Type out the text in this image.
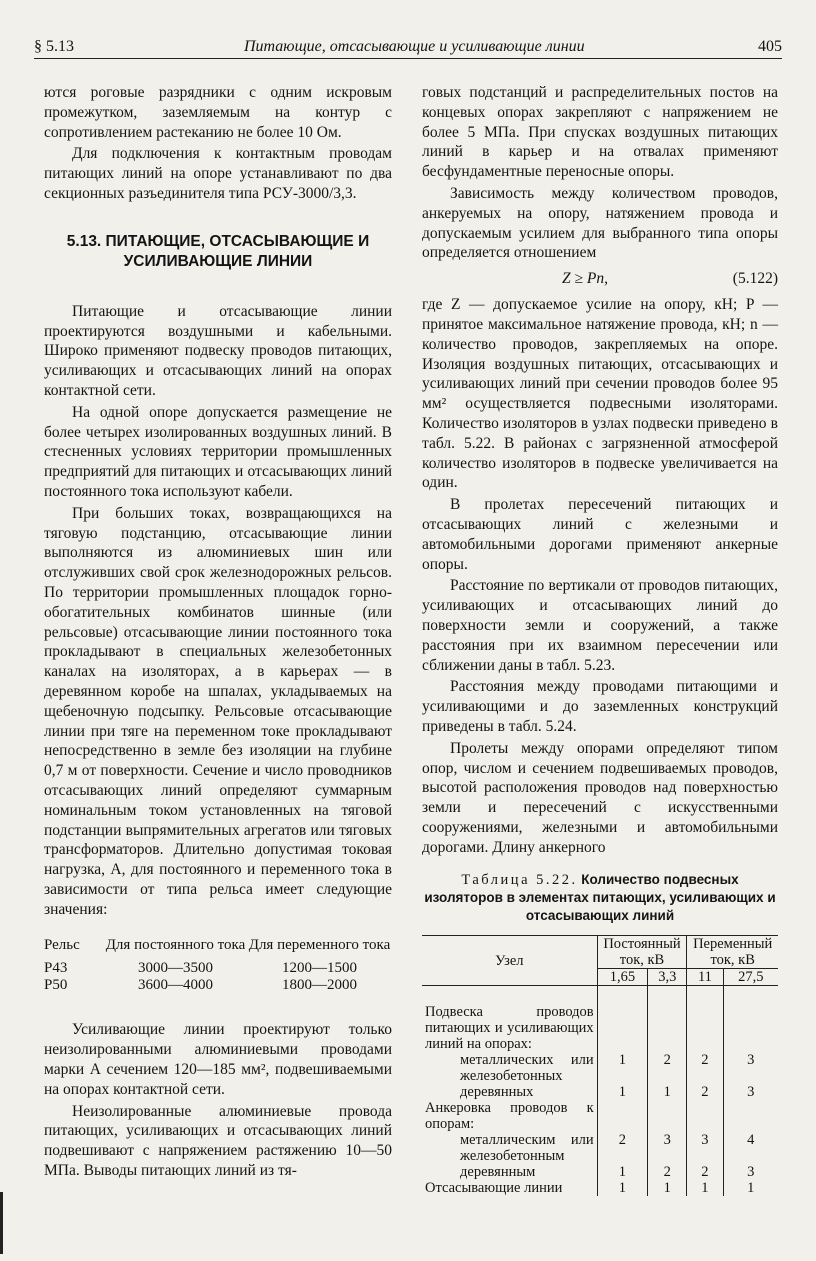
§ 5.13	Питающие, отсасывающие и усиливающие линии	405

ются роговые разрядники с одним искровым промежутком, заземляемым на контур с сопротивлением растеканию не более 10 Ом.

Для подключения к контактным проводам питающих линий на опоре устанавливают по два секционных разъединителя типа РСУ-3000/3,3.

5.13. ПИТАЮЩИЕ, ОТСАСЫВАЮЩИЕ И УСИЛИВАЮЩИЕ ЛИНИИ

Питающие и отсасывающие линии проектируются воздушными и кабельными. Широко применяют подвеску проводов питающих, усиливающих и отсасывающих линий на опорах контактной сети.

На одной опоре допускается размещение не более четырех изолированных воздушных линий. В стесненных условиях территории промышленных предприятий для питающих и отсасывающих линий постоянного тока используют кабели.

При больших токах, возвращающихся на тяговую подстанцию, отсасывающие линии выполняются из алюминиевых шин или отслуживших свой срок железнодорожных рельсов. По территории промышленных площадок горно-обогатительных комбинатов шинные (или рельсовые) отсасывающие линии постоянного тока прокладывают в специальных железобетонных каналах на изоляторах, а в карьерах — в деревянном коробе на шпалах, укладываемых на щебеночную подсыпку. Рельсовые отсасывающие линии при тяге на переменном токе прокладывают непосредственно в земле без изоляции на глубине 0,7 м от поверхности. Сечение и число проводников отсасывающих линий определяют суммарным номинальным током установленных на тяговой подстанции выпрямительных агрегатов или тяговых трансформаторов. Длительно допустимая токовая нагрузка, А, для постоянного и переменного тока в зависимости от типа рельса имеет следующие значения:

Рельс	Для постоянного тока	Для переменного тока
Р43	3000—3500	1200—1500
Р50	3600—4000	1800—2000

Усиливающие линии проектируют только неизолированными алюминиевыми проводами марки А сечением 120—185 мм², подвешиваемыми на опорах контактной сети.

Неизолированные алюминиевые провода питающих, усиливающих и отсасывающих линий подвешивают с напряжением растяжению 10—50 МПа. Выводы питающих линий из тя-

говых подстанций и распределительных постов на концевых опорах закрепляют с напряжением не более 5 МПа. При спусках воздушных питающих линий в карьер и на отвалах применяют бесфундаментные переносные опоры.

Зависимость между количеством проводов, анкеруемых на опору, натяжением провода и допускаемым усилием для выбранного типа опоры определяется отношением

Z ≥ Pn,	(5.122)

где Z — допускаемое усилие на опору, кН; P — принятое максимальное натяжение провода, кН; n — количество проводов, закрепляемых на опоре. Изоляция воздушных питающих, отсасывающих и усиливающих линий при сечении проводов более 95 мм² осуществляется подвесными изоляторами. Количество изоляторов в узлах подвески приведено в табл. 5.22. В районах с загрязненной атмосферой количество изоляторов в подвеске увеличивается на один.

В пролетах пересечений питающих и отсасывающих линий с железными и автомобильными дорогами применяют анкерные опоры.

Расстояние по вертикали от проводов питающих, усиливающих и отсасывающих линий до поверхности земли и сооружений, а также расстояния при их взаимном пересечении или сближении даны в табл. 5.23.

Расстояния между проводами питающими и усиливающими и до заземленных конструкций приведены в табл. 5.24.

Пролеты между опорами определяют типом опор, числом и сечением подвешиваемых проводов, высотой расположения проводов над поверхностью земли и пересечений с искусственными сооружениями, железными и автомобильными дорогами. Длину анкерного

Таблица 5.22. Количество подвесных изоляторов в элементах питающих, усиливающих и отсасывающих линий
Узел	Постоянный ток, кВ		Переменный ток, кВ	
	1,65	3,3	11	27,5
Подвеска проводов питающих и усиливающих линий на опорах:				
металлических или железобетонных	1	2	2	3
деревянных	1	1	2	3
Анкеровка проводов к опорам:				
металлическим или железобетонным	2	3	3	4
деревянным	1	2	2	3
Отсасывающие линии	1	1	1	1
